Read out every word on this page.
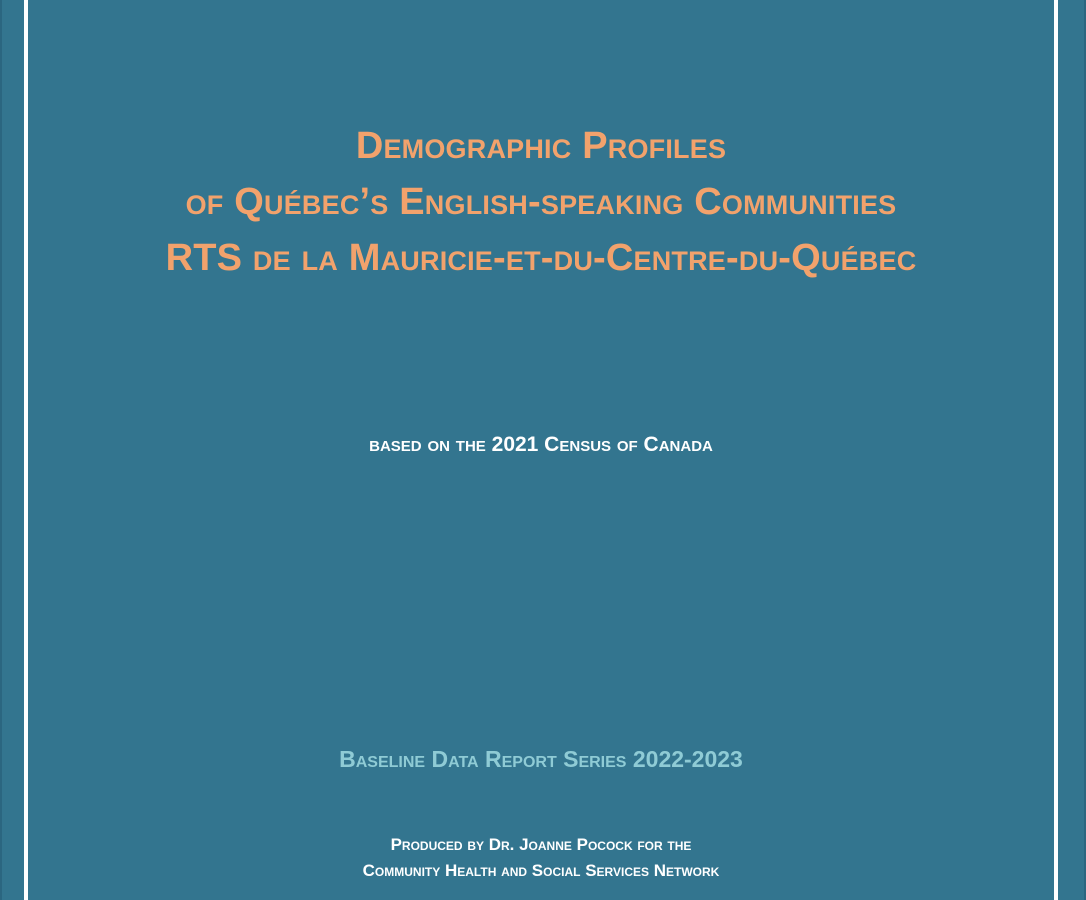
Demographic Profiles
of Québec’s English-speaking Communities
RTS de la Mauricie-et-du-Centre-du-Québec
based on the 2021 Census of Canada
Baseline Data Report Series 2022-2023
Produced by Dr. Joanne Pocock for the
Community Health and Social Services Network
